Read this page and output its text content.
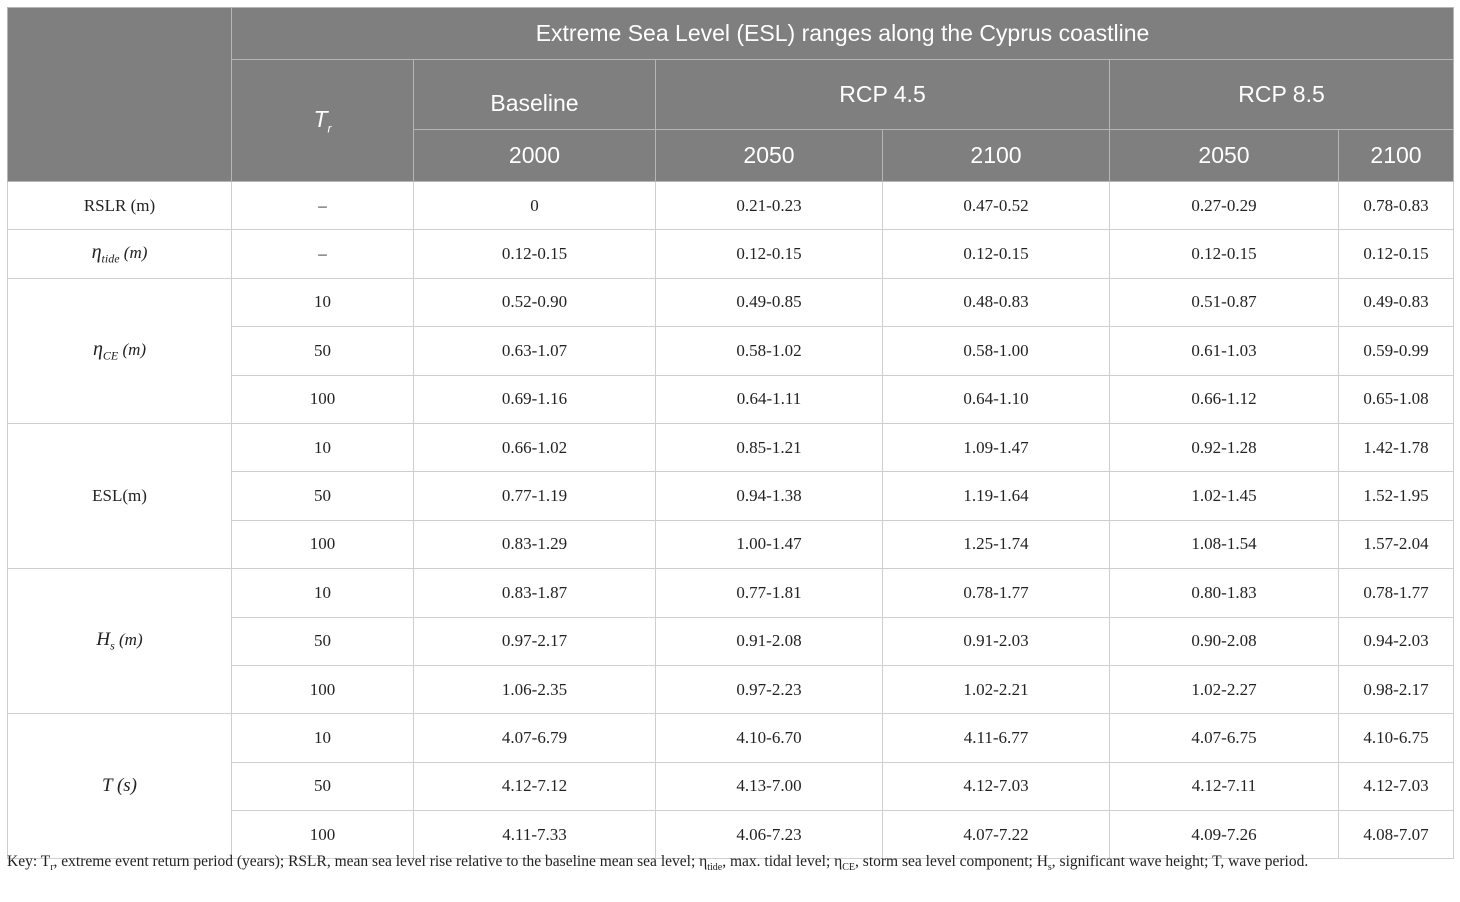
	Extreme Sea Level (ESL) ranges along the Cyprus coastline					
	$T_r$	Baseline	RCP 4.5		RCP 8.5	
		2000	2050	2100	2050	2100
RSLR (m)	–	0	0.21-0.23	0.47-0.52	0.27-0.29	0.78-0.83
$\eta_{tide}$ (m)	–	0.12-0.15	0.12-0.15	0.12-0.15	0.12-0.15	0.12-0.15
$\eta_{CE}$ (m)	10	0.52-0.90	0.49-0.85	0.48-0.83	0.51-0.87	0.49-0.83
	50	0.63-1.07	0.58-1.02	0.58-1.00	0.61-1.03	0.59-0.99
	100	0.69-1.16	0.64-1.11	0.64-1.10	0.66-1.12	0.65-1.08
ESL(m)	10	0.66-1.02	0.85-1.21	1.09-1.47	0.92-1.28	1.42-1.78
	50	0.77-1.19	0.94-1.38	1.19-1.64	1.02-1.45	1.52-1.95
	100	0.83-1.29	1.00-1.47	1.25-1.74	1.08-1.54	1.57-2.04
$H_s$ (m)	10	0.83-1.87	0.77-1.81	0.78-1.77	0.80-1.83	0.78-1.77
	50	0.97-2.17	0.91-2.08	0.91-2.03	0.90-2.08	0.94-2.03
	100	1.06-2.35	0.97-2.23	1.02-2.21	1.02-2.27	0.98-2.17
T (s)	10	4.07-6.79	4.10-6.70	4.11-6.77	4.07-6.75	4.10-6.75
	50	4.12-7.12	4.13-7.00	4.12-7.03	4.12-7.11	4.12-7.03
	100	4.11-7.33	4.06-7.23	4.07-7.22	4.09-7.26	4.08-7.07
Key: $T_r$, extreme event return period (years); RSLR, mean sea level rise relative to the baseline mean sea level; $\eta_{tide}$, max. tidal level; $\eta_{CE}$, storm sea level component; $H_s$, significant wave height; T, wave period.
